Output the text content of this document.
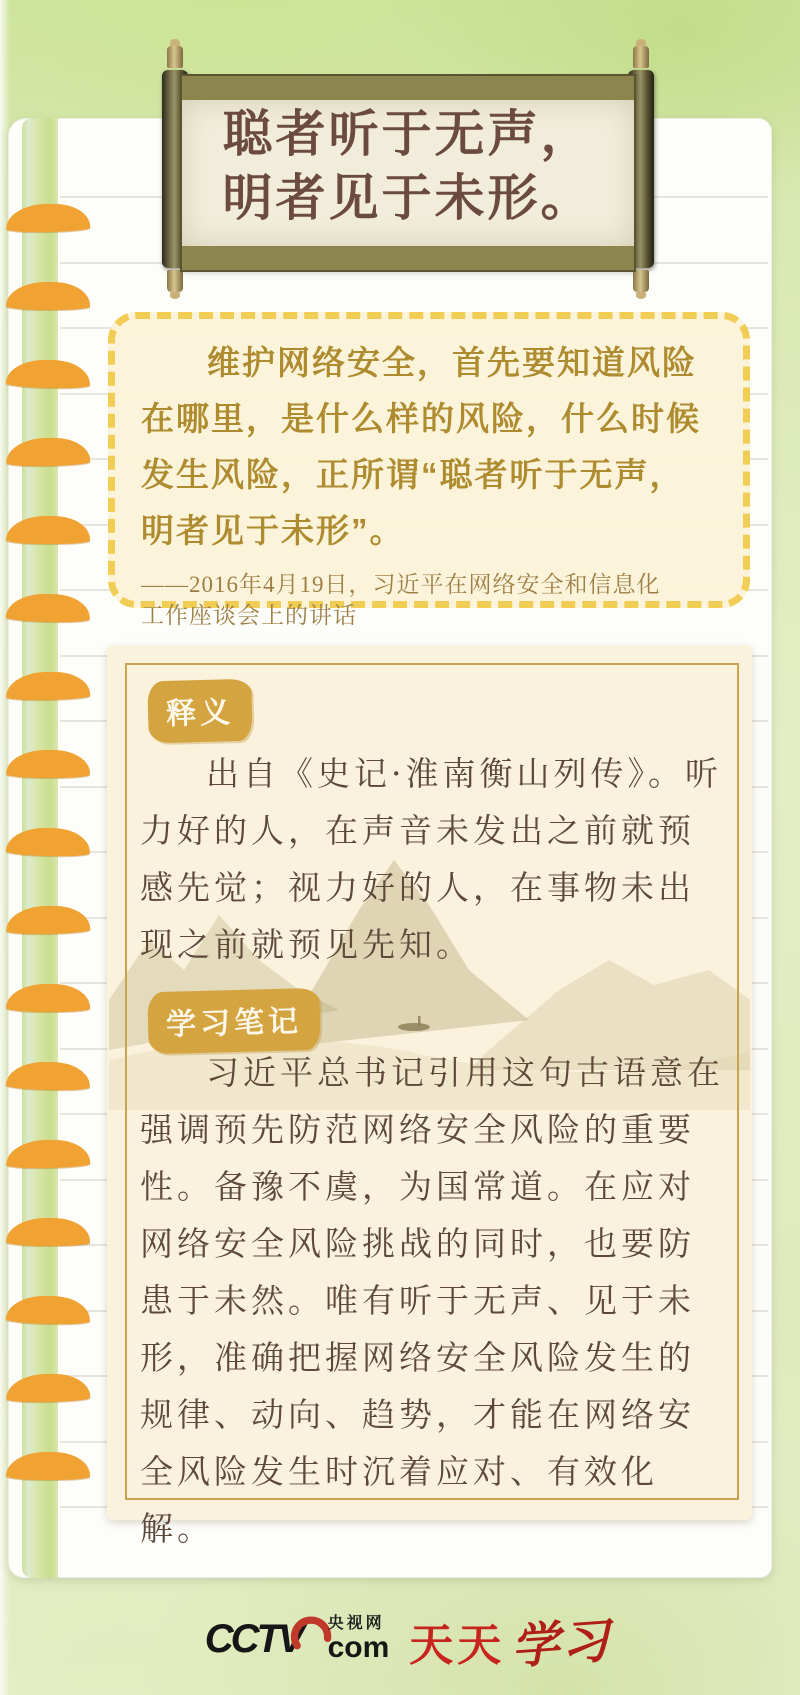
聪者听于无声，
明者见于未形。

维护网络安全，首先要知道风险在哪里，是什么样的风险，什么时候发生风险，正所谓“聪者听于无声，明者见于未形”。

——2016年4月19日，习近平在网络安全和信息化
工作座谈会上的讲话

释义

出自《史记·淮南衡山列传》。听力好的人，在声音未发出之前就预感先觉；视力好的人，在事物未出现之前就预见先知。

学习笔记

习近平总书记引用这句古语意在强调预先防范网络安全风险的重要性。备豫不虞，为国常道。在应对网络安全风险挑战的同时，也要防患于未然。唯有听于无声、见于未形，准确把握网络安全风险发生的规律、动向、趋势，才能在网络安全风险发生时沉着应对、有效化解。

CCTV 央视网
com 天天 学习
